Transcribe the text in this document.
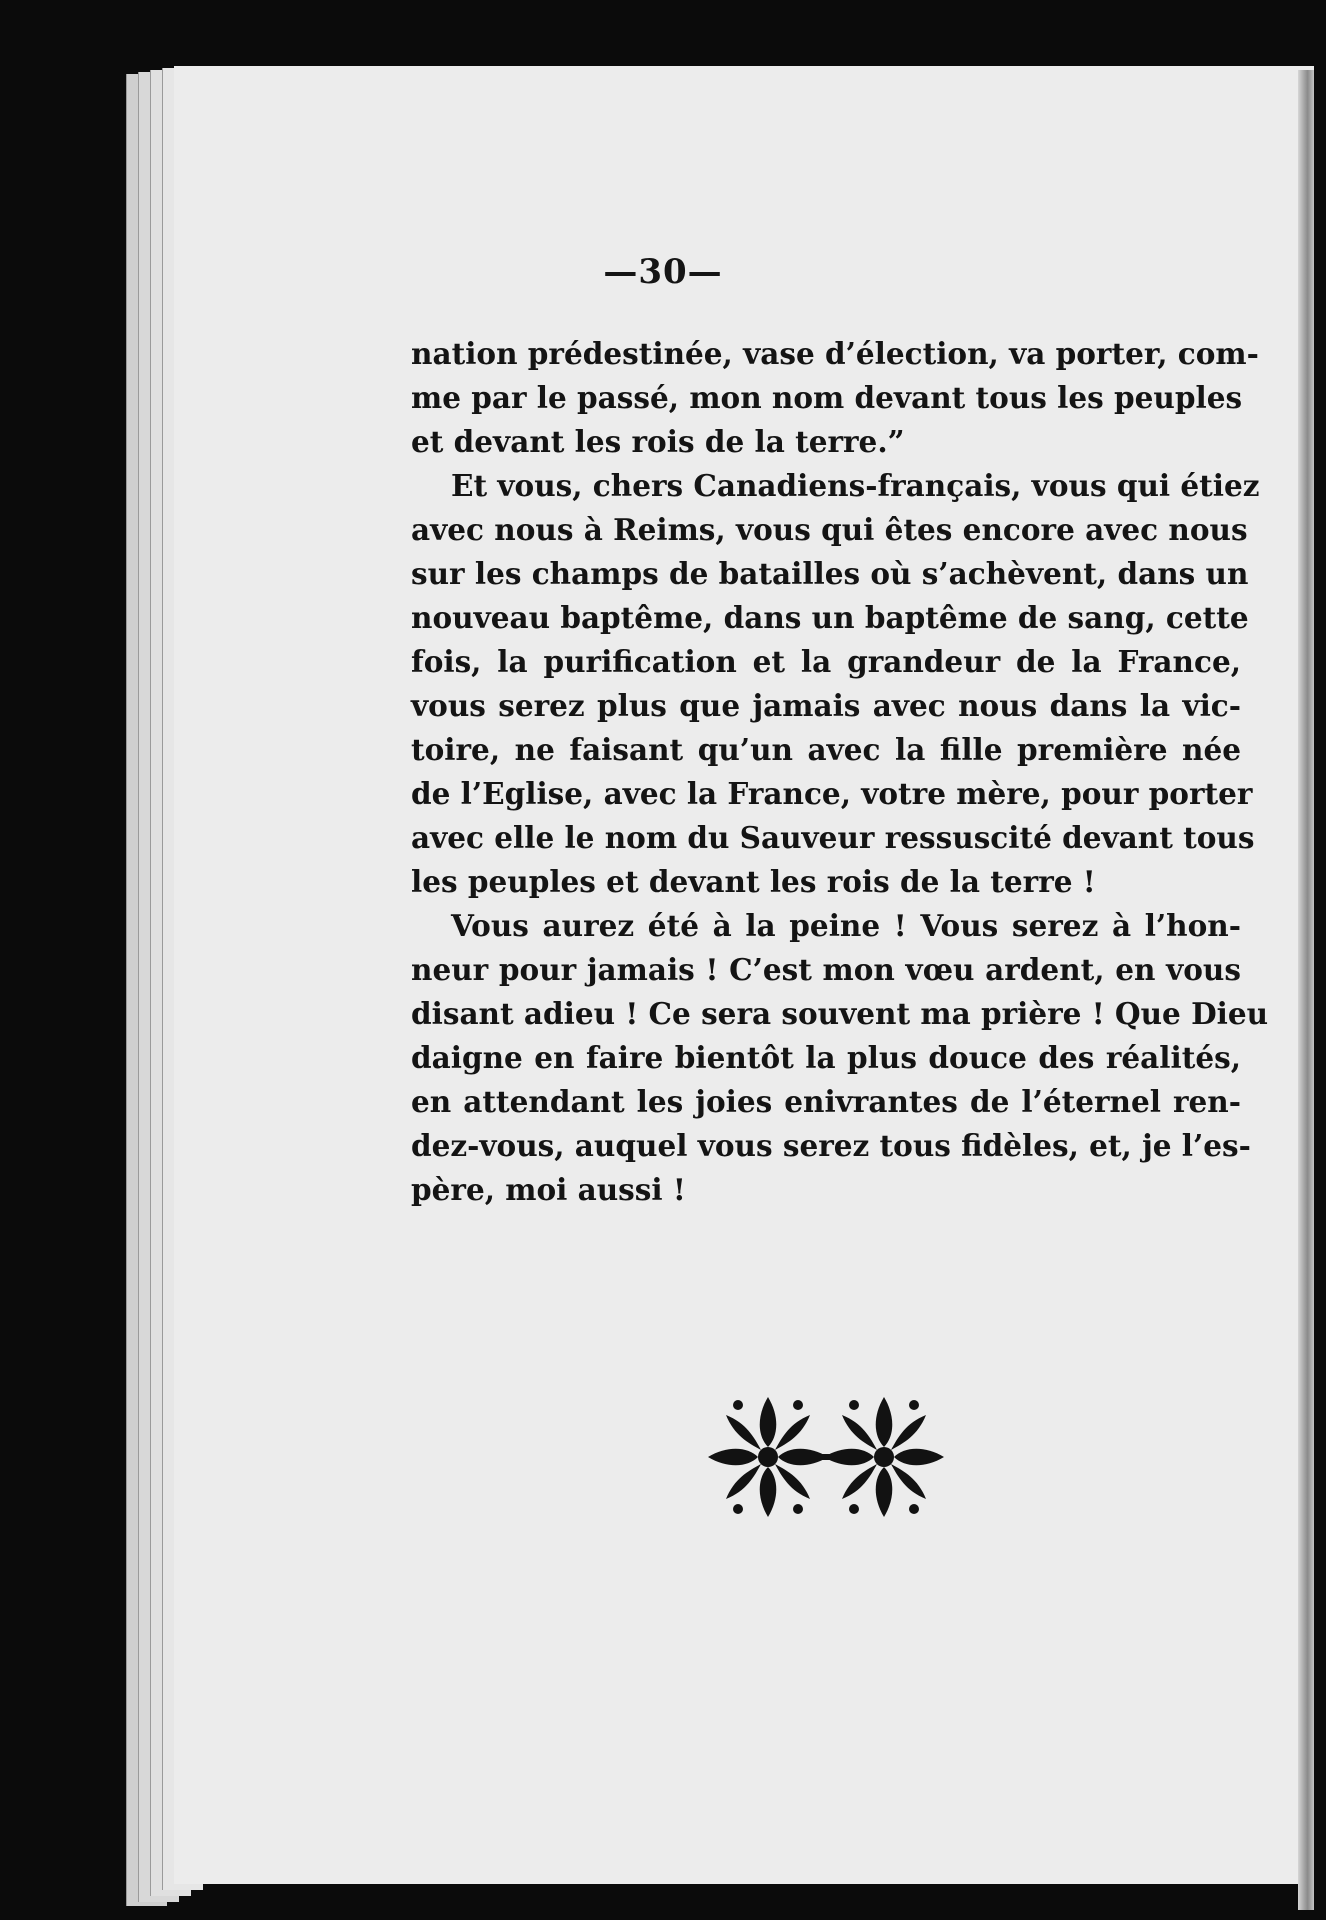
—30—
nation prédestinée, vase d’élection, va porter, com-
me par le passé, mon nom devant tous les peuples
et devant les rois de la terre.”
Et vous, chers Canadiens-français, vous qui étiez
avec nous à Reims, vous qui êtes encore avec nous
sur les champs de batailles où s’achèvent, dans un
nouveau baptême, dans un baptême de sang, cette
fois, la purification et la grandeur de la France,
vous serez plus que jamais avec nous dans la vic-
toire, ne faisant qu’un avec la fille première née
de l’Eglise, avec la France, votre mère, pour porter
avec elle le nom du Sauveur ressuscité devant tous
les peuples et devant les rois de la terre !
Vous aurez été à la peine ! Vous serez à l’hon-
neur pour jamais ! C’est mon vœu ardent, en vous
disant adieu ! Ce sera souvent ma prière ! Que Dieu
daigne en faire bientôt la plus douce des réalités,
en attendant les joies enivrantes de l’éternel ren-
dez-vous, auquel vous serez tous fidèles, et, je l’es-
père, moi aussi !
